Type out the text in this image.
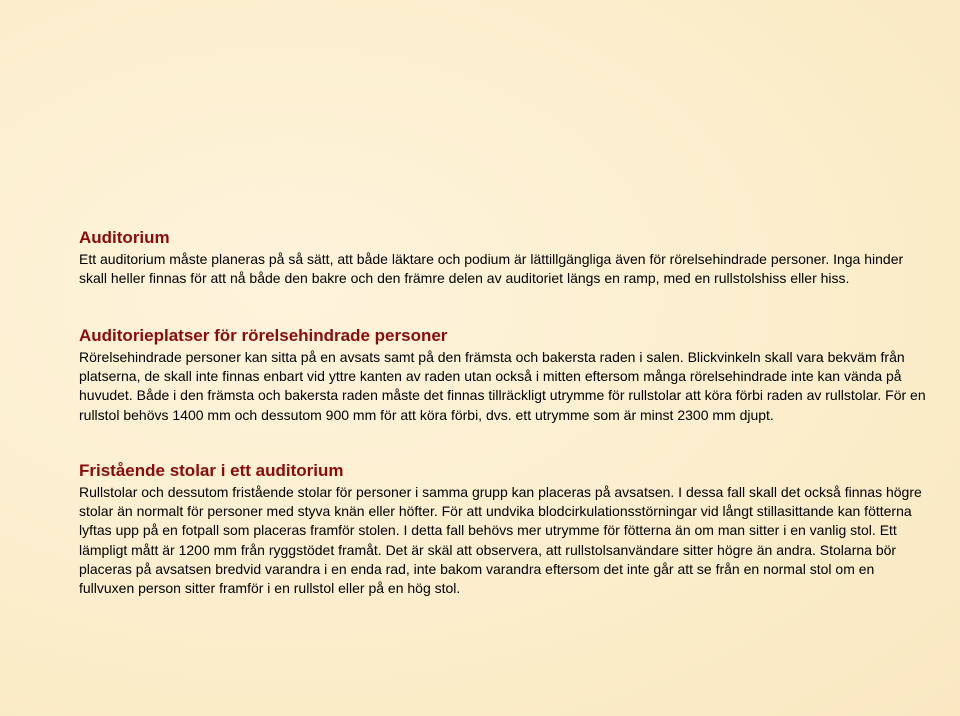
Auditorium

Ett auditorium måste planeras på så sätt, att både läktare och podium är lättillgängliga även för rörelsehindrade personer. Inga hinder skall heller finnas för att nå både den bakre och den främre delen av auditoriet längs en ramp, med en rullstolshiss eller hiss.

Auditorieplatser för rörelsehindrade personer

Rörelsehindrade personer kan sitta på en avsats samt på den främsta och bakersta raden i salen. Blickvinkeln skall vara bekväm från platserna, de skall inte finnas enbart vid yttre kanten av raden utan också i mitten eftersom många rörelsehindrade inte kan vända på huvudet. Både i den främsta och bakersta raden måste det finnas tillräckligt utrymme för rullstolar att köra förbi raden av rullstolar. För en rullstol behövs 1400 mm och dessutom 900 mm för att köra förbi, dvs. ett utrymme som är minst 2300 mm djupt.

Fristående stolar i ett auditorium

Rullstolar och dessutom fristående stolar för personer i samma grupp kan placeras på avsatsen. I dessa fall skall det också finnas högre stolar än normalt för personer med styva knän eller höfter. För att undvika blodcirkulationsstörningar vid långt stillasittande kan fötterna lyftas upp på en fotpall som placeras framför stolen. I detta fall behövs mer utrymme för fötterna än om man sitter i en vanlig stol. Ett lämpligt mått är 1200 mm från ryggstödet framåt. Det är skäl att observera, att rullstolsanvändare sitter högre än andra. Stolarna bör placeras på avsatsen bredvid varandra i en enda rad, inte bakom varandra eftersom det inte går att se från en normal stol om en fullvuxen person sitter framför i en rullstol eller på en hög stol.
